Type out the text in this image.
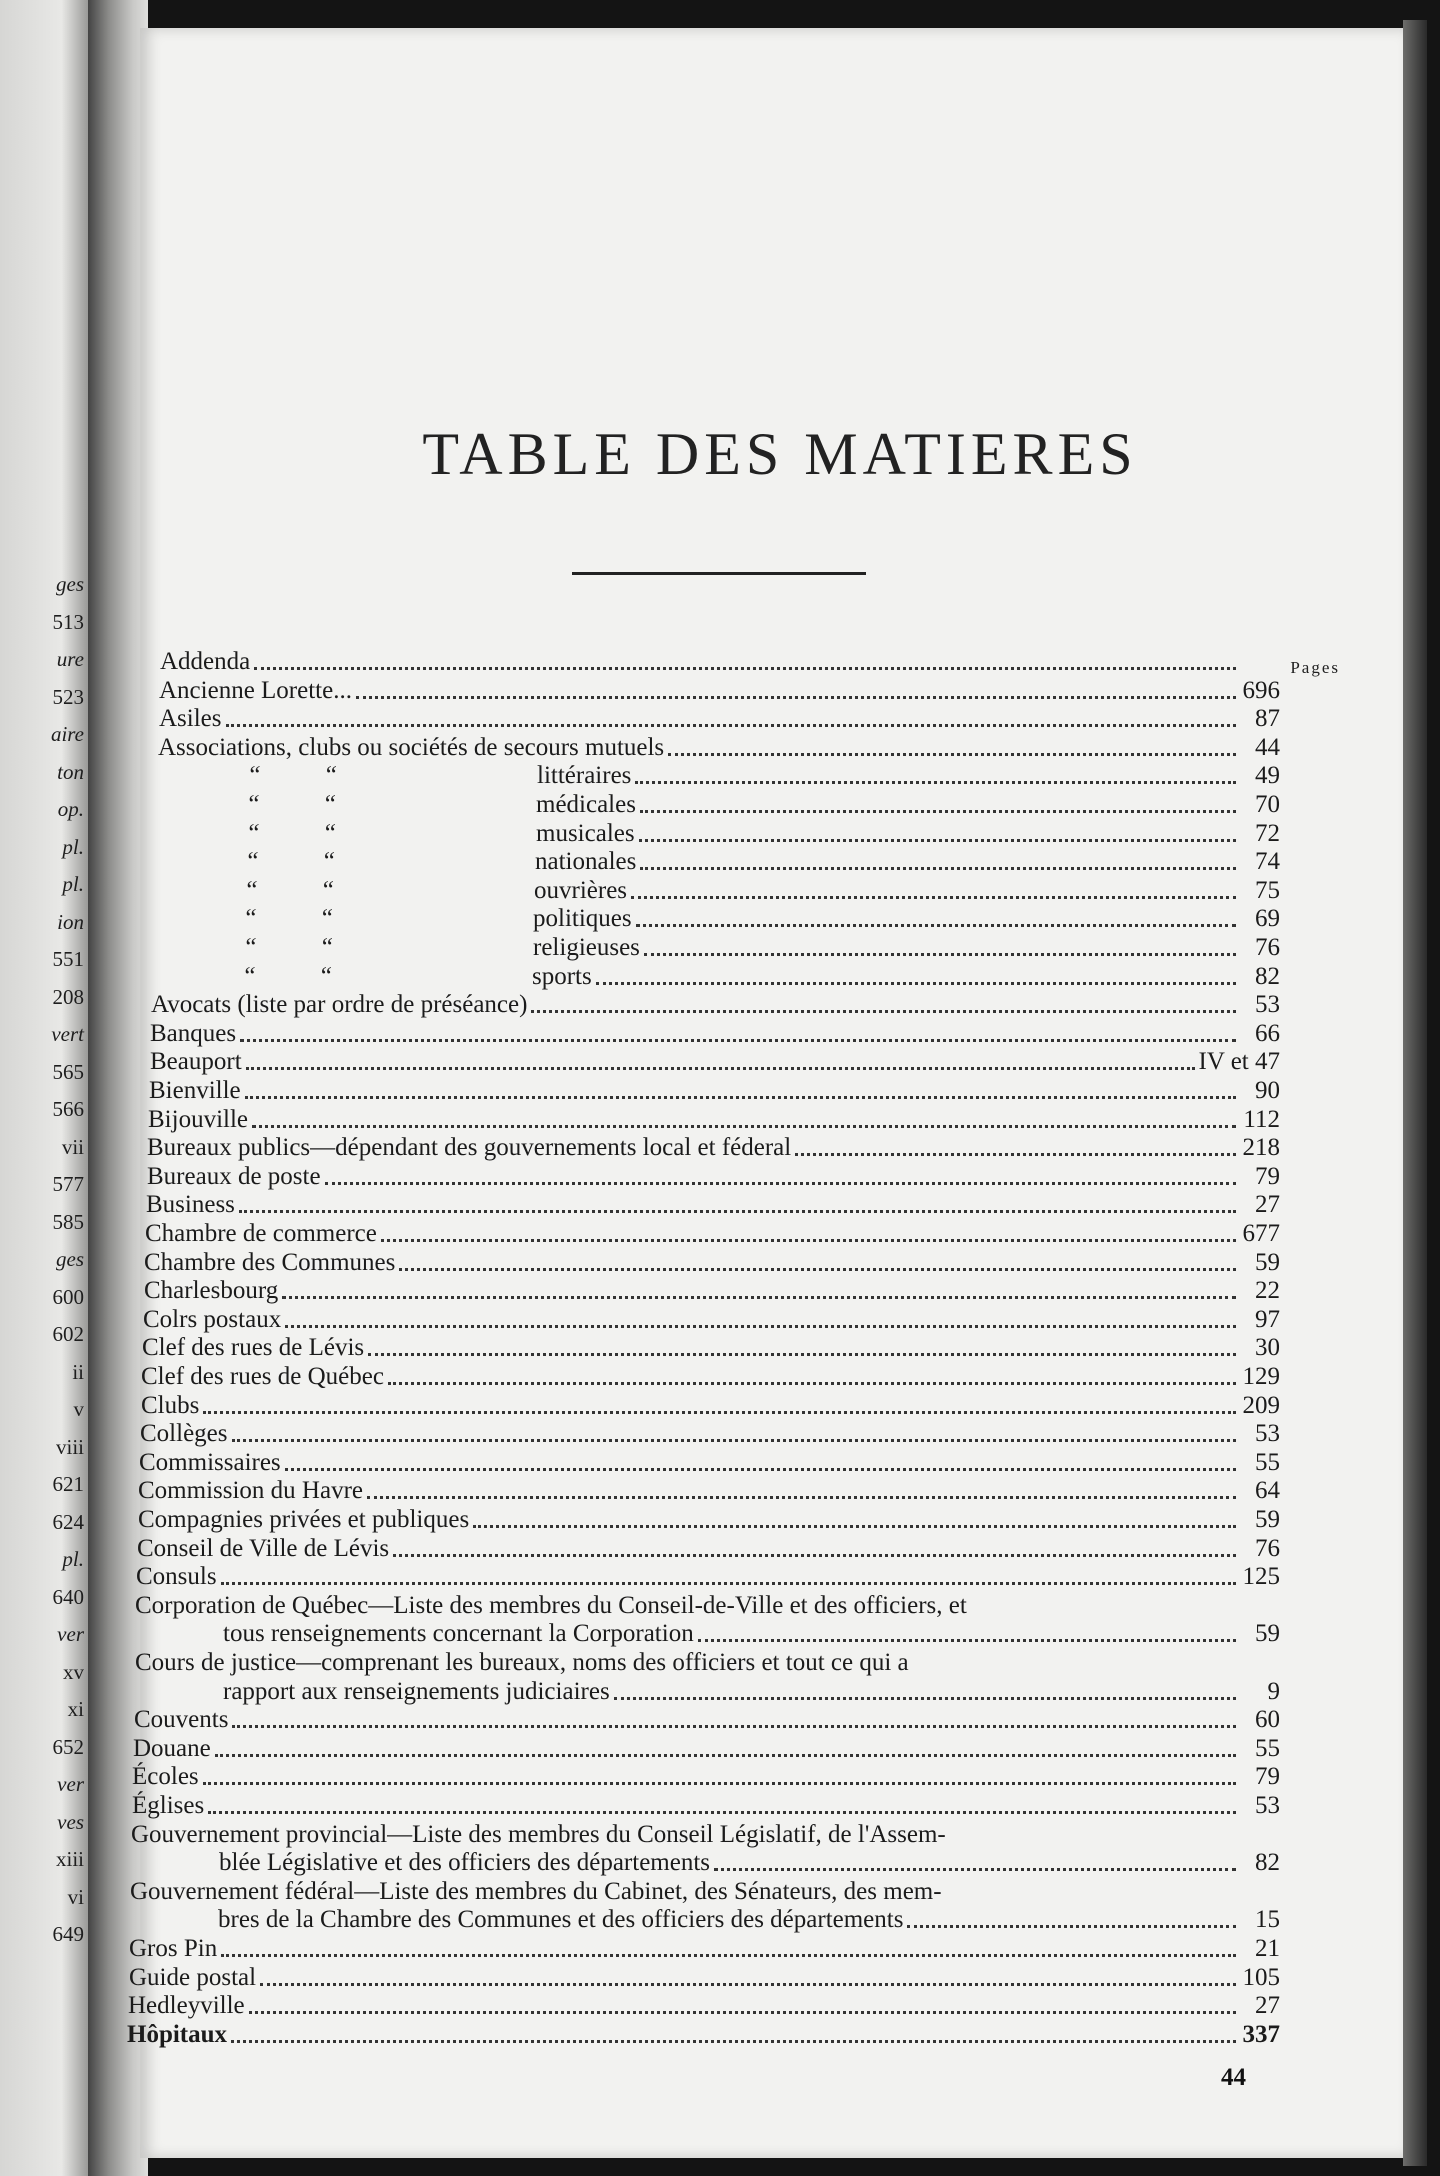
ges
513
ure
523
aire
ton
op.
pl.
pl.
ion
551
208
vert
565
566
vii
577
585
ges
600
602
ii
v
viii
621
624
pl.
640
ver
xv
xi
652
ver
ves
xiii
vi
649
TABLE DES MATIERES
Pages
Addenda
Ancienne Lorette...	696
Asiles	87
Associations, clubs ou sociétés de secours mutuels	44
“          “	littéraires	49
“          “	médicales	70
“          “	musicales	72
“          “	nationales	74
“          “	ouvrières	75
“          “	politiques	69
“          “	religieuses	76
“          “	sports	82
Avocats (liste par ordre de préséance)	53
Banques	66
Beauport	IV et 47
Bienville	90
Bijouville	112
Bureaux publics—dépendant des gouvernements local et féderal	218
Bureaux de poste	79
Business	27
Chambre de commerce	677
Chambre des Communes	59
Charlesbourg	22
Colrs postaux	97
Clef des rues de Lévis	30
Clef des rues de Québec	129
Clubs	209
Collèges	53
Commissaires	55
Commission du Havre	64
Compagnies privées et publiques	59
Conseil de Ville de Lévis	76
Consuls	125
Corporation de Québec—Liste des membres du Conseil-de-Ville et des officiers, et
tous renseignements concernant la Corporation	59
Cours de justice—comprenant les bureaux, noms des officiers et tout ce qui a
rapport aux renseignements judiciaires	9
Couvents	60
Douane	55
Écoles	79
Églises	53
Gouvernement provincial—Liste des membres du Conseil Législatif, de l'Assem-
blée Législative et des officiers des départements	82
Gouvernement fédéral—Liste des membres du Cabinet, des Sénateurs, des mem-
bres de la Chambre des Communes et des officiers des départements	15
Gros Pin	21
Guide postal	105
Hedleyville	27
Hôpitaux	337
44
